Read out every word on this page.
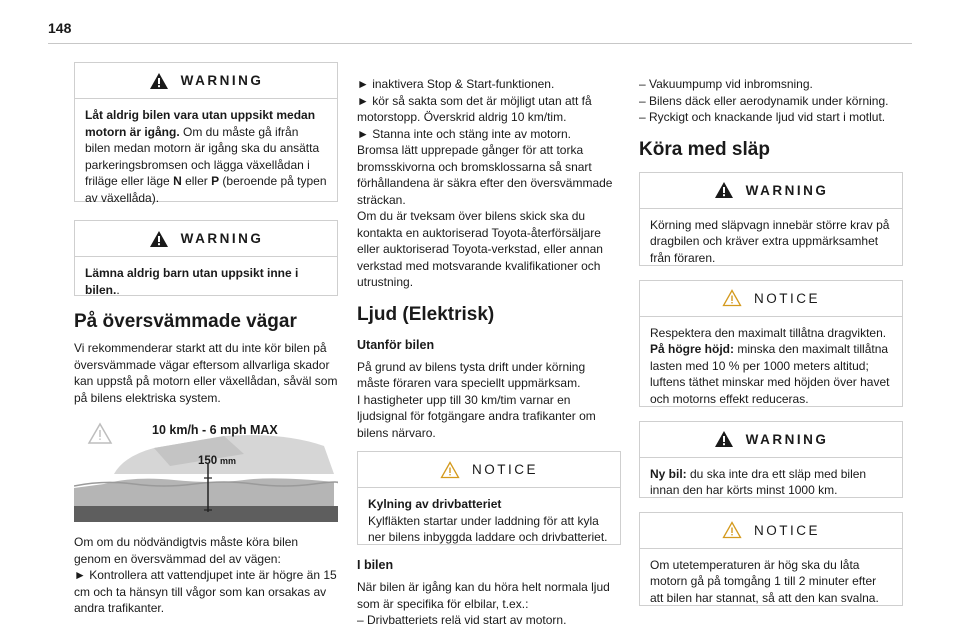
148
WARNING
Låt aldrig bilen vara utan uppsikt medan motorn är igång. Om du måste gå ifrån bilen medan motorn är igång ska du ansätta parkeringsbromsen och lägga växellådan i friläge eller läge N eller P (beroende på typen av växellåda).
WARNING
Lämna aldrig barn utan uppsikt inne i bilen..
På översvämmade vägar
Vi rekommenderar starkt att du inte kör bilen på översvämmade vägar eftersom allvarliga skador kan uppstå på motorn eller växellådan, såväl som på bilens elektriska system.
10 km/h - 6 mph MAX
150 mm
Om om du nödvändigtvis måste köra bilen genom en översvämmad del av vägen:
► Kontrollera att vattendjupet inte är högre än 15 cm och ta hänsyn till vågor som kan orsakas av andra trafikanter.
► inaktivera Stop & Start-funktionen.
► kör så sakta som det är möjligt utan att få motorstopp. Överskrid aldrig 10 km/tim.
► Stanna inte och stäng inte av motorn.
Bromsa lätt upprepade gånger för att torka bromsskivorna och bromsklossarna så snart förhållandena är säkra efter den översvämmade sträckan.
Om du är tveksam över bilens skick ska du kontakta en auktoriserad Toyota-återförsäljare eller auktoriserad Toyota-verkstad, eller annan verkstad med motsvarande kvalifikationer och utrustning.
Ljud (Elektrisk)
Utanför bilen
På grund av bilens tysta drift under körning måste föraren vara speciellt uppmärksam.
I hastigheter upp till 30 km/tim varnar en ljudsignal för fotgängare andra trafikanter om bilens närvaro.
NOTICE
Kylning av drivbatteriet
Kylfläkten startar under laddning för att kyla ner bilens inbyggda laddare och drivbatteriet.
I bilen
När bilen är igång kan du höra helt normala ljud som är specifika för elbilar, t.ex.:
– Drivbatteriets relä vid start av motorn.
– Vakuumpump vid inbromsning.
– Bilens däck eller aerodynamik under körning.
– Ryckigt och knackande ljud vid start i motlut.
Köra med släp
WARNING
Körning med släpvagn innebär större krav på dragbilen och kräver extra uppmärksamhet från föraren.
NOTICE
Respektera den maximalt tillåtna dragvikten.
På högre höjd: minska den maximalt tillåtna lasten med 10 % per 1000 meters altitud; luftens täthet minskar med höjden över havet och motorns effekt reduceras.
WARNING
Ny bil: du ska inte dra ett släp med bilen innan den har körts minst 1000 km.
NOTICE
Om utetemperaturen är hög ska du låta motorn gå på tomgång 1 till 2 minuter efter att bilen har stannat, så att den kan svalna.
